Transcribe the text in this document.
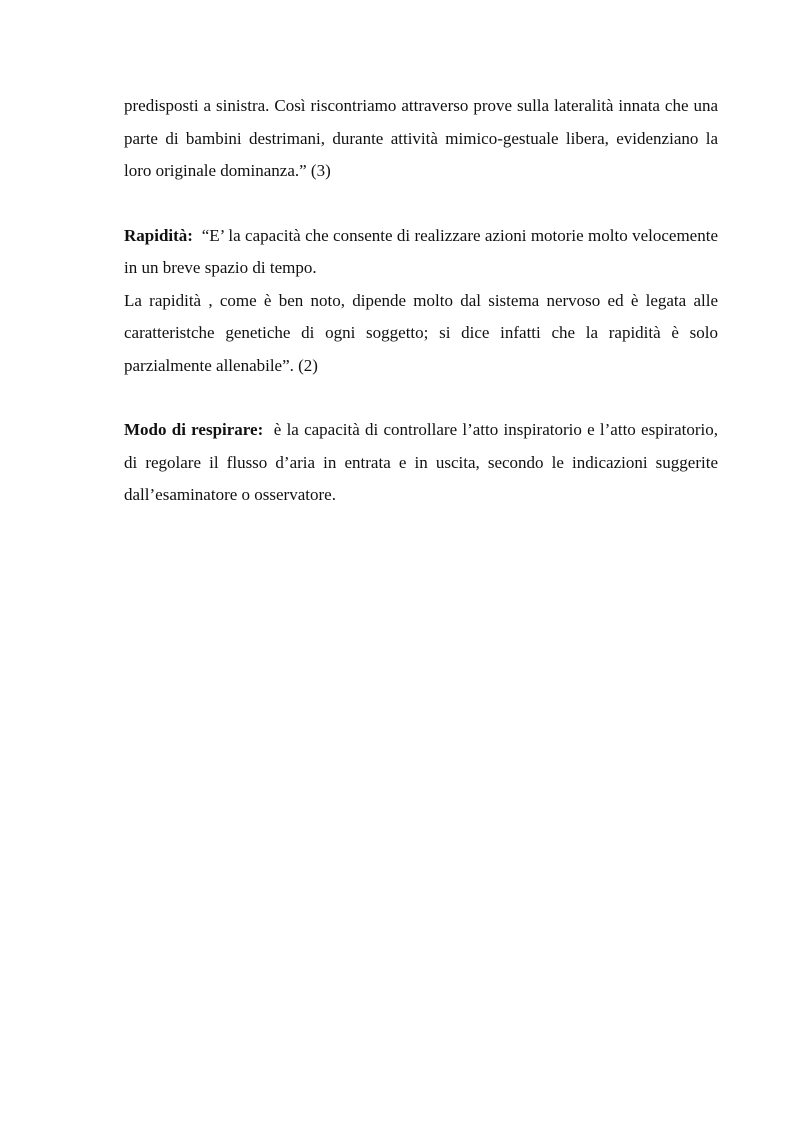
predisposti a sinistra. Così riscontriamo attraverso prove sulla lateralità innata che una parte di bambini destrimani, durante attività mimico-gestuale libera, evidenziano la loro originale dominanza.” (3)

Rapidità: “E’ la capacità che consente di realizzare azioni motorie molto velocemente in un breve spazio di tempo.

La rapidità , come è ben noto, dipende molto dal sistema nervoso ed è legata alle caratteristche genetiche di ogni soggetto; si dice infatti che la rapidità è solo parzialmente allenabile”. (2)

Modo di respirare: è la capacità di controllare l’atto inspiratorio e l’atto espiratorio, di regolare il flusso d’aria in entrata e in uscita, secondo le indicazioni suggerite dall’esaminatore o osservatore.
